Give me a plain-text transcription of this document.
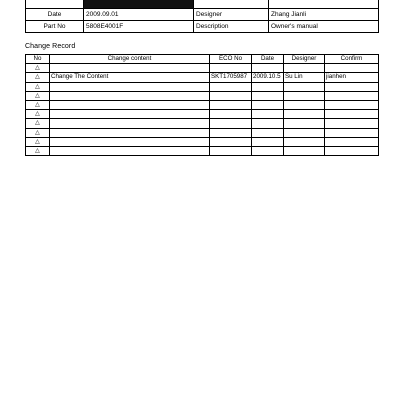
Date	2009.09.01	Designer	Zhang Jianli
Part No	5808E4001F	Description	Owner's manual
Change Record
No	Change content	ECO No	Date	Designer	Confirm
△					
△	Change The Content	SKT1705987	2009.10.5	Su Lin	jianhen
△					
△					
△					
△					
△					
△					
△					
△					
